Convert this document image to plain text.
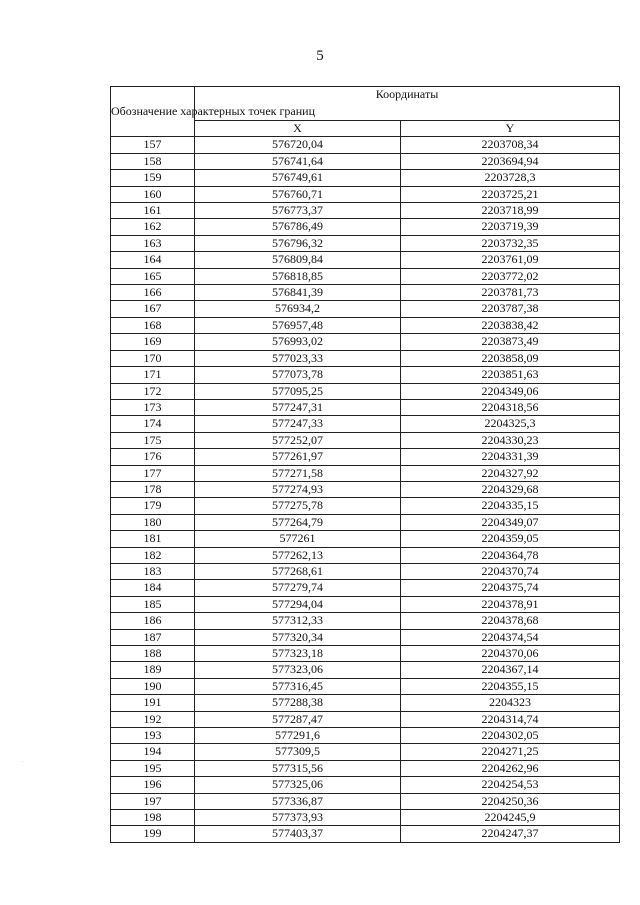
5
Обозначение характерных точек границ	Координаты	
	X	Y
157	576720,04	2203708,34
158	576741,64	2203694,94
159	576749,61	2203728,3
160	576760,71	2203725,21
161	576773,37	2203718,99
162	576786,49	2203719,39
163	576796,32	2203732,35
164	576809,84	2203761,09
165	576818,85	2203772,02
166	576841,39	2203781,73
167	576934,2	2203787,38
168	576957,48	2203838,42
169	576993,02	2203873,49
170	577023,33	2203858,09
171	577073,78	2203851,63
172	577095,25	2204349,06
173	577247,31	2204318,56
174	577247,33	2204325,3
175	577252,07	2204330,23
176	577261,97	2204331,39
177	577271,58	2204327,92
178	577274,93	2204329,68
179	577275,78	2204335,15
180	577264,79	2204349,07
181	577261	2204359,05
182	577262,13	2204364,78
183	577268,61	2204370,74
184	577279,74	2204375,74
185	577294,04	2204378,91
186	577312,33	2204378,68
187	577320,34	2204374,54
188	577323,18	2204370,06
189	577323,06	2204367,14
190	577316,45	2204355,15
191	577288,38	2204323
192	577287,47	2204314,74
193	577291,6	2204302,05
194	577309,5	2204271,25
195	577315,56	2204262,96
196	577325,06	2204254,53
197	577336,87	2204250,36
198	577373,93	2204245,9
199	577403,37	2204247,37
·
